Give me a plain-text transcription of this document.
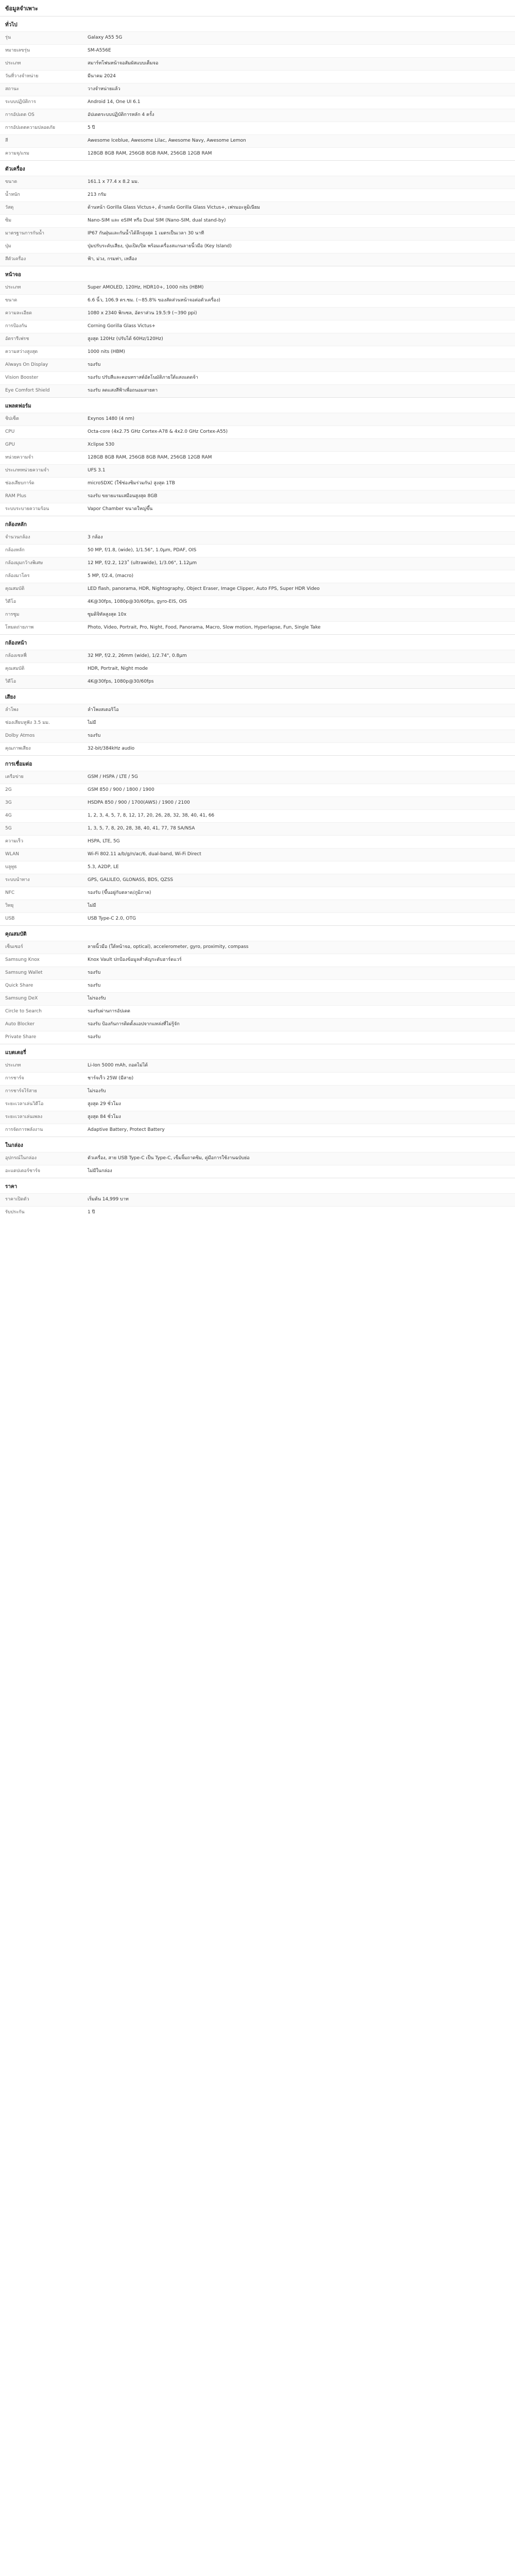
ข้อมูลจำเพาะ
ทั่วไป
รุ่น	Galaxy A55 5G
หมายเลขรุ่น	SM-A556E
ประเภท	สมาร์ทโฟนหน้าจอสัมผัสแบบเต็มจอ
วันที่วางจำหน่าย	มีนาคม 2024
สถานะ	วางจำหน่ายแล้ว
ระบบปฏิบัติการ	Android 14, One UI 6.1
การอัปเดต OS	อัปเดตระบบปฏิบัติการหลัก 4 ครั้ง
การอัปเดตความปลอดภัย	5 ปี
สี	Awesome Iceblue, Awesome Lilac, Awesome Navy, Awesome Lemon
ความจุ/แรม	128GB 8GB RAM, 256GB 8GB RAM, 256GB 12GB RAM
ตัวเครื่อง
ขนาด	161.1 x 77.4 x 8.2 มม.
น้ำหนัก	213 กรัม
วัสดุ	ด้านหน้า Gorilla Glass Victus+, ด้านหลัง Gorilla Glass Victus+, เฟรมอะลูมิเนียม
ซิม	Nano-SIM และ eSIM หรือ Dual SIM (Nano-SIM, dual stand-by)
มาตรฐานการกันน้ำ	IP67 กันฝุ่นและกันน้ำได้ลึกสูงสุด 1 เมตรเป็นเวลา 30 นาที
ปุ่ม	ปุ่มปรับระดับเสียง, ปุ่มเปิด/ปิด พร้อมเครื่องสแกนลายนิ้วมือ (Key Island)
สีตัวเครื่อง	ฟ้า, ม่วง, กรมท่า, เหลือง
หน้าจอ
ประเภท	Super AMOLED, 120Hz, HDR10+, 1000 nits (HBM)
ขนาด	6.6 นิ้ว, 106.9 ตร.ซม. (~85.8% ของสัดส่วนหน้าจอต่อตัวเครื่อง)
ความละเอียด	1080 x 2340 พิกเซล, อัตราส่วน 19.5:9 (~390 ppi)
การป้องกัน	Corning Gorilla Glass Victus+
อัตรารีเฟรช	สูงสุด 120Hz (ปรับได้ 60Hz/120Hz)
ความสว่างสูงสุด	1000 nits (HBM)
Always On Display	รองรับ
Vision Booster	รองรับ ปรับสีและคอนทราสต์อัตโนมัติภายใต้แสงแดดจ้า
Eye Comfort Shield	รองรับ ลดแสงสีฟ้าเพื่อถนอมสายตา
แพลตฟอร์ม
ชิปเซ็ต	Exynos 1480 (4 nm)
CPU	Octa-core (4x2.75 GHz Cortex-A78 & 4x2.0 GHz Cortex-A55)
GPU	Xclipse 530
หน่วยความจำ	128GB 8GB RAM, 256GB 8GB RAM, 256GB 12GB RAM
ประเภทหน่วยความจำ	UFS 3.1
ช่องเสียบการ์ด	microSDXC (ใช้ช่องซิมร่วมกัน) สูงสุด 1TB
RAM Plus	รองรับ ขยายแรมเสมือนสูงสุด 8GB
ระบบระบายความร้อน	Vapor Chamber ขนาดใหญ่ขึ้น
กล้องหลัก
จำนวนกล้อง	3 กล้อง
กล้องหลัก	50 MP, f/1.8, (wide), 1/1.56", 1.0µm, PDAF, OIS
กล้องมุมกว้างพิเศษ	12 MP, f/2.2, 123˚ (ultrawide), 1/3.06", 1.12µm
กล้องมาโคร	5 MP, f/2.4, (macro)
คุณสมบัติ	LED flash, panorama, HDR, Nightography, Object Eraser, Image Clipper, Auto FPS, Super HDR Video
วิดีโอ	4K@30fps, 1080p@30/60fps, gyro-EIS, OIS
การซูม	ซูมดิจิทัลสูงสุด 10x
โหมดถ่ายภาพ	Photo, Video, Portrait, Pro, Night, Food, Panorama, Macro, Slow motion, Hyperlapse, Fun, Single Take
กล้องหน้า
กล้องเซลฟี่	32 MP, f/2.2, 26mm (wide), 1/2.74", 0.8µm
คุณสมบัติ	HDR, Portrait, Night mode
วิดีโอ	4K@30fps, 1080p@30/60fps
เสียง
ลำโพง	ลำโพงสเตอริโอ
ช่องเสียบหูฟัง 3.5 มม.	ไม่มี
Dolby Atmos	รองรับ
คุณภาพเสียง	32-bit/384kHz audio
การเชื่อมต่อ
เครือข่าย	GSM / HSPA / LTE / 5G
2G	GSM 850 / 900 / 1800 / 1900
3G	HSDPA 850 / 900 / 1700(AWS) / 1900 / 2100
4G	1, 2, 3, 4, 5, 7, 8, 12, 17, 20, 26, 28, 32, 38, 40, 41, 66
5G	1, 3, 5, 7, 8, 20, 28, 38, 40, 41, 77, 78 SA/NSA
ความเร็ว	HSPA, LTE, 5G
WLAN	Wi-Fi 802.11 a/b/g/n/ac/6, dual-band, Wi-Fi Direct
บลูทูธ	5.3, A2DP, LE
ระบบนำทาง	GPS, GALILEO, GLONASS, BDS, QZSS
NFC	รองรับ (ขึ้นอยู่กับตลาด/ภูมิภาค)
วิทยุ	ไม่มี
USB	USB Type-C 2.0, OTG
คุณสมบัติ
เซ็นเซอร์	ลายนิ้วมือ (ใต้หน้าจอ, optical), accelerometer, gyro, proximity, compass
Samsung Knox	Knox Vault ปกป้องข้อมูลสำคัญระดับฮาร์ดแวร์
Samsung Wallet	รองรับ
Quick Share	รองรับ
Samsung DeX	ไม่รองรับ
Circle to Search	รองรับผ่านการอัปเดต
Auto Blocker	รองรับ ป้องกันการติดตั้งแอปจากแหล่งที่ไม่รู้จัก
Private Share	รองรับ
แบตเตอรี่
ประเภท	Li-Ion 5000 mAh, ถอดไม่ได้
การชาร์จ	ชาร์จเร็ว 25W (มีสาย)
การชาร์จไร้สาย	ไม่รองรับ
ระยะเวลาเล่นวิดีโอ	สูงสุด 29 ชั่วโมง
ระยะเวลาเล่นเพลง	สูงสุด 84 ชั่วโมง
การจัดการพลังงาน	Adaptive Battery, Protect Battery
ในกล่อง
อุปกรณ์ในกล่อง	ตัวเครื่อง, สาย USB Type-C เป็น Type-C, เข็มจิ้มถาดซิม, คู่มือการใช้งานฉบับย่อ
อะแดปเตอร์ชาร์จ	ไม่มีในกล่อง
ราคา
ราคาเปิดตัว	เริ่มต้น 14,999 บาท
รับประกัน	1 ปี
